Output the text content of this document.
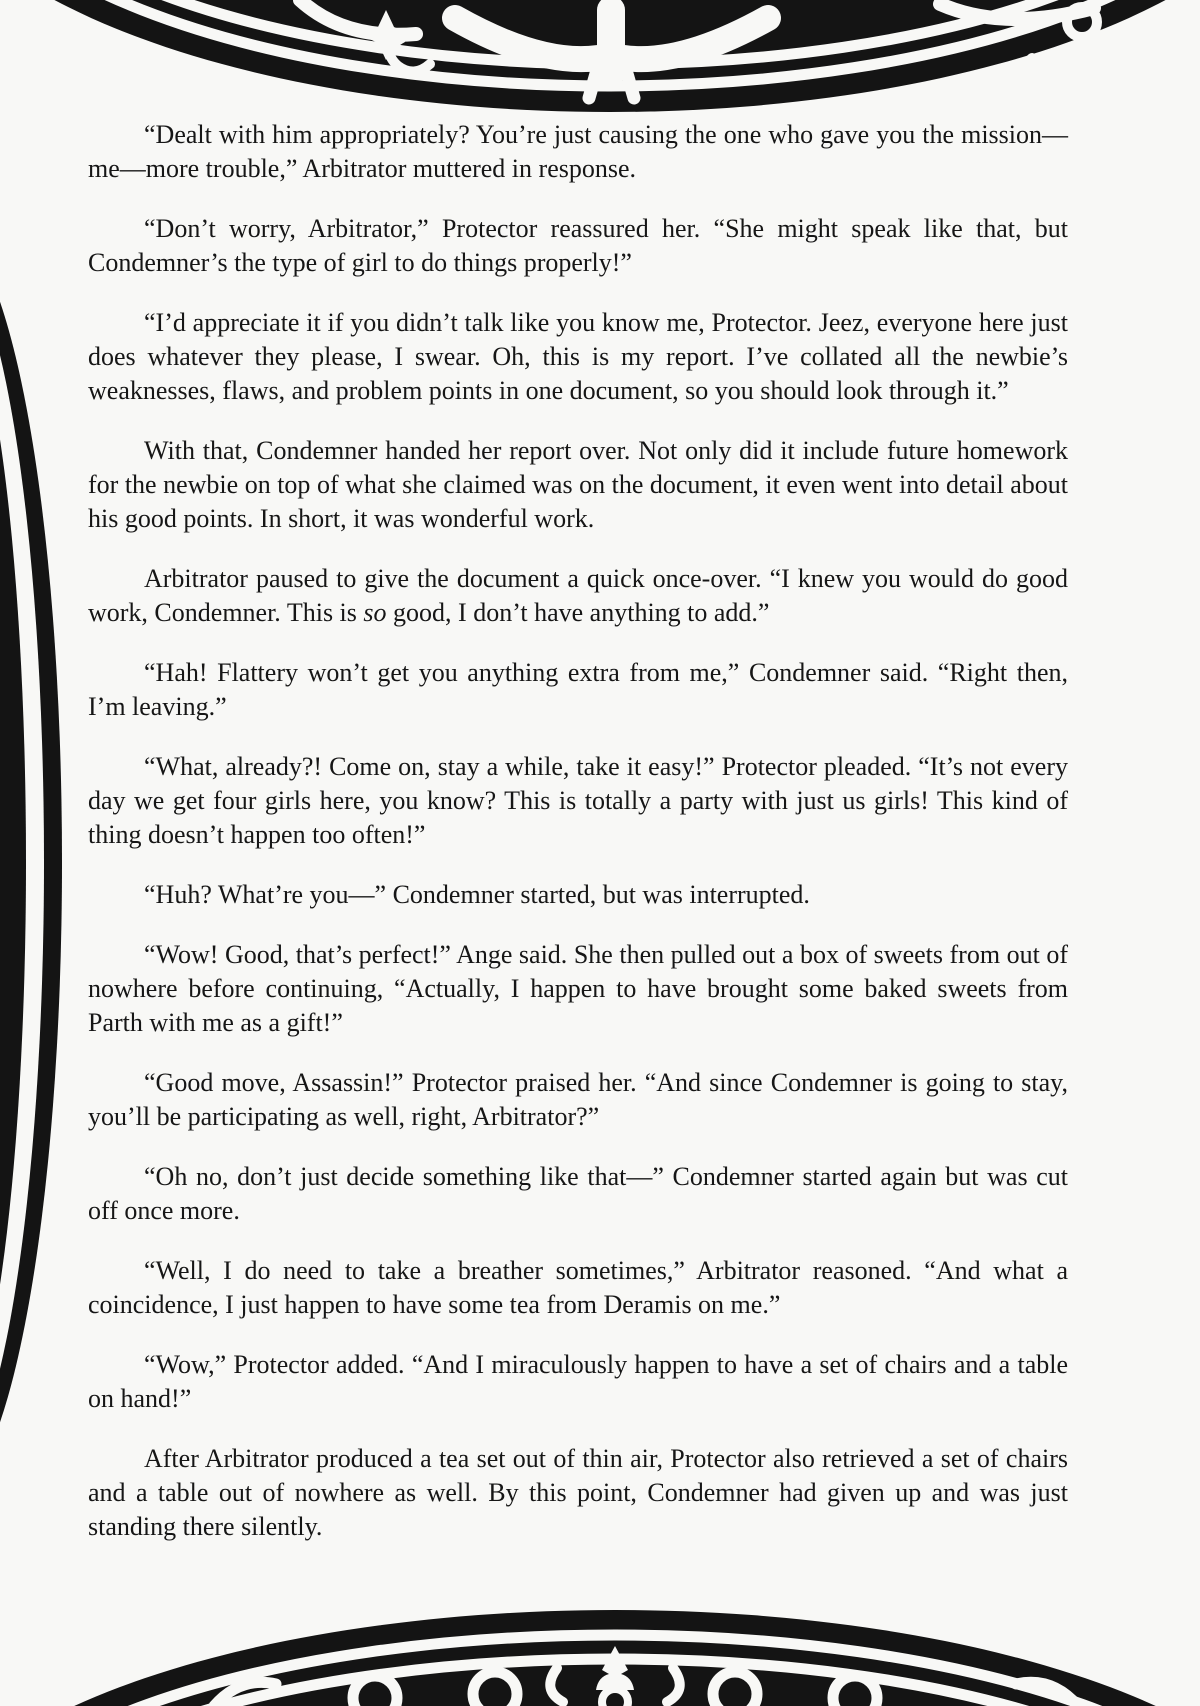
“Dealt with him appropriately? You’re just causing the one who gave you the mission—me—more trouble,” Arbitrator muttered in response.

“Don’t worry, Arbitrator,” Protector reassured her. “She might speak like that, but Condemner’s the type of girl to do things properly!”

“I’d appreciate it if you didn’t talk like you know me, Protector. Jeez, everyone here just does whatever they please, I swear. Oh, this is my report. I’ve collated all the newbie’s weaknesses, flaws, and problem points in one document, so you should look through it.”

With that, Condemner handed her report over. Not only did it include future homework for the newbie on top of what she claimed was on the document, it even went into detail about his good points. In short, it was wonderful work.

Arbitrator paused to give the document a quick once-over. “I knew you would do good work, Condemner. This is so good, I don’t have anything to add.”

“Hah! Flattery won’t get you anything extra from me,” Condemner said. “Right then, I’m leaving.”

“What, already?! Come on, stay a while, take it easy!” Protector pleaded. “It’s not every day we get four girls here, you know? This is totally a party with just us girls! This kind of thing doesn’t happen too often!”

“Huh? What’re you—” Condemner started, but was interrupted.

“Wow! Good, that’s perfect!” Ange said. She then pulled out a box of sweets from out of nowhere before continuing, “Actually, I happen to have brought some baked sweets from Parth with me as a gift!”

“Good move, Assassin!” Protector praised her. “And since Condemner is going to stay, you’ll be participating as well, right, Arbitrator?”

“Oh no, don’t just decide something like that—” Condemner started again but was cut off once more.

“Well, I do need to take a breather sometimes,” Arbitrator reasoned. “And what a coincidence, I just happen to have some tea from Deramis on me.”

“Wow,” Protector added. “And I miraculously happen to have a set of chairs and a table on hand!”

After Arbitrator produced a tea set out of thin air, Protector also retrieved a set of chairs and a table out of nowhere as well. By this point, Condemner had given up and was just standing there silently.
